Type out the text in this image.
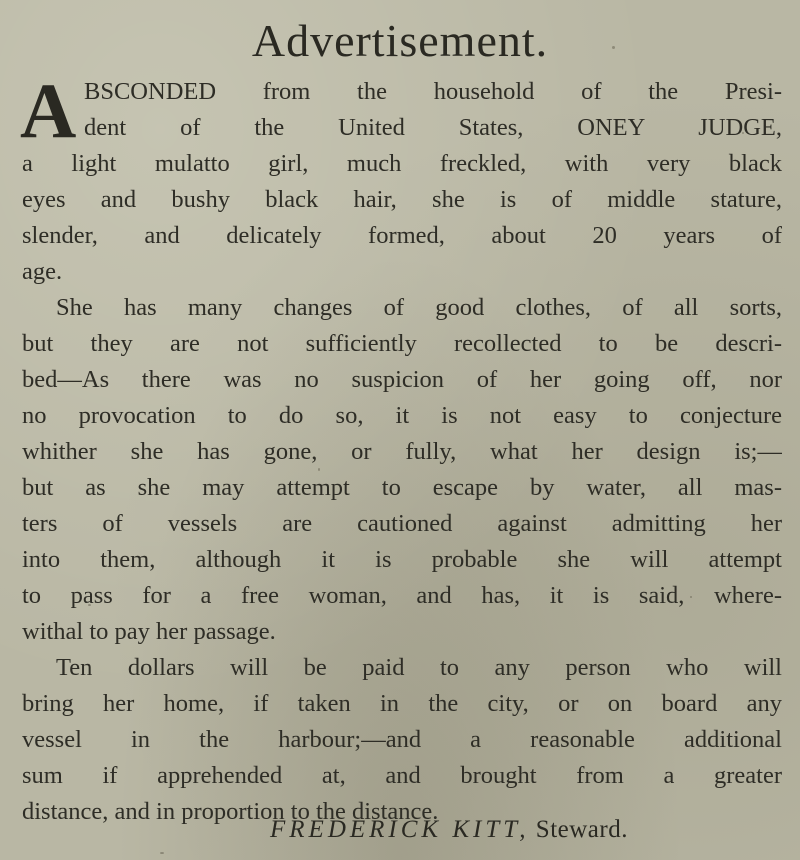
Advertisement.
A BSCONDED from the household of the Presi-
dent of the United States, ONEY JUDGE,
a light mulatto girl, much freckled, with very black
eyes and bushy black hair, she is of middle stature,
slender, and delicately formed, about 20 years of
age.
She has many changes of good clothes, of all sorts,
but they are not sufficiently recollected to be descri-
bed—As there was no suspicion of her going off, nor
no provocation to do so, it is not easy to conjecture
whither she has gone, or fully, what her design is;—
but as she may attempt to escape by water, all mas-
ters of vessels are cautioned against admitting her
into them, although it is probable she will attempt
to pass for a free woman, and has, it is said, where-
withal to pay her passage.
Ten dollars will be paid to any person who will
bring her home, if taken in the city, or on board any
vessel in the harbour;—and a reasonable additional
sum if apprehended at, and brought from a greater
distance, and in proportion to the distance.
FREDERICK KITT, Steward.
